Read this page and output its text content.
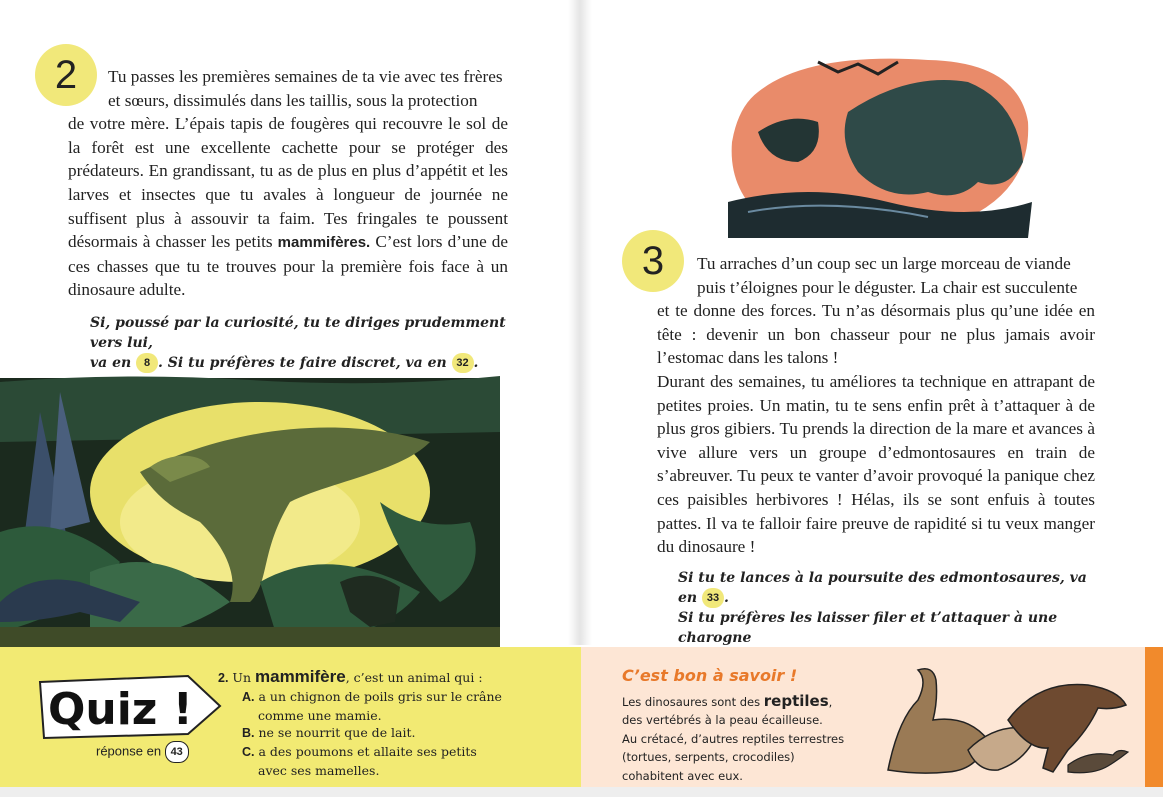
2	Tu passes les premières semaines de ta vie avec tes frères

et sœurs, dissimulés dans les taillis, sous la protection

de votre mère. L’épais tapis de fougères qui recouvre le sol de la forêt est une excellente cachette pour se protéger des prédateurs. En grandissant, tu as de plus en plus d’appétit et les larves et insectes que tu avales à longueur de journée ne suffisent plus à assouvir ta faim. Tes fringales te poussent désormais à chasser les petits mammifères. C’est lors d’une de ces chasses que tu te trouves pour la première fois face à un dinosaure adulte.

Si, poussé par la curiosité, tu te diriges prudemment vers lui,
va en 8 . Si tu préfères te faire discret, va en 32 .
3	Tu arraches d’un coup sec un large morceau de viande

puis t’éloignes pour le déguster. La chair est succulente

et te donne des forces. Tu n’as désormais plus qu’une idée en tête : devenir un bon chasseur pour ne plus jamais avoir l’estomac dans les talons !

Durant des semaines, tu améliores ta technique en attrapant de petites proies. Un matin, tu te sens enfin prêt à t’attaquer à de plus gros gibiers. Tu prends la direction de la mare et avances à vive allure vers un groupe d’edmontosaures en train de s’abreuver. Tu peux te vanter d’avoir provoqué la panique chez ces paisibles herbivores ! Hélas, ils se sont enfuis à toutes pattes. Il va te falloir faire preuve de rapidité si tu veux manger du dinosaure !

Si tu te lances à la poursuite des edmontosaures, va en 33 .
Si tu préfères les laisser filer et t’attaquer à une charogne
Quiz !
réponse en 43
2. Un mammifère, c’est un animal qui :
A. a un chignon de poils gris sur le crâne comme une mamie.
B. ne se nourrit que de lait.
C. a des poumons et allaite ses petits avec ses mamelles.
C’est bon à savoir !
Les dinosaures sont des reptiles,
des vertébrés à la peau écailleuse.
Au crétacé, d’autres reptiles terrestres
(tortues, serpents, crocodiles)
cohabitent avec eux.
